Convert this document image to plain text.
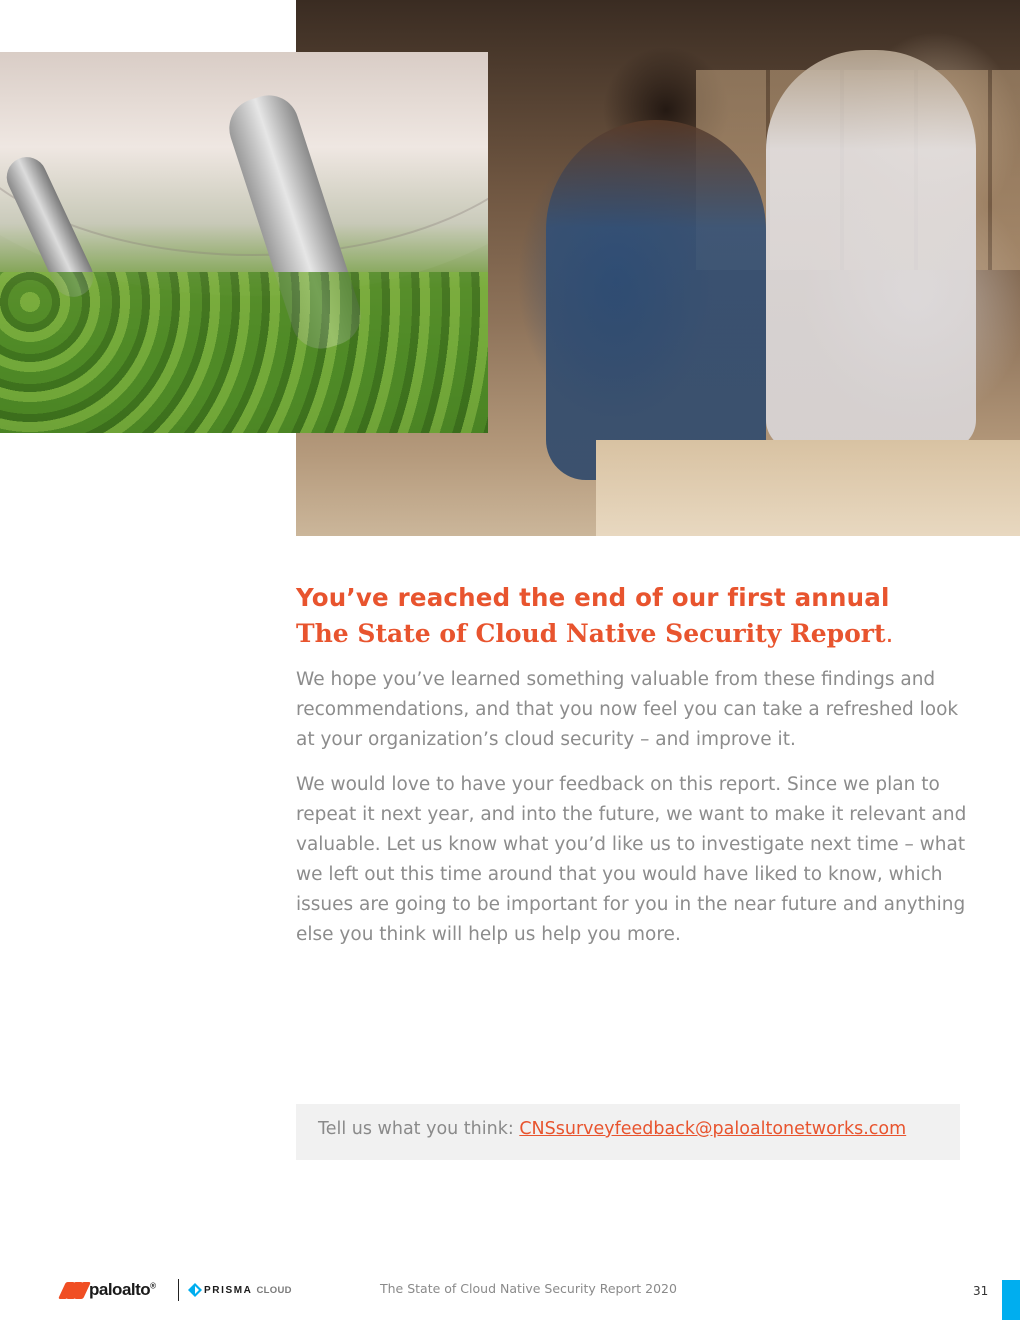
You’ve reached the end of our first annual
The State of Cloud Native Security Report.

We hope you’ve learned something valuable from these findings and recommendations, and that you now feel you can take a refreshed look at your organization’s cloud security – and improve it.

We would love to have your feedback on this report. Since we plan to repeat it next year, and into the future, we want to make it relevant and valuable. Let us know what you’d like us to investigate next time – what we left out this time around that you would have liked to know, which issues are going to be important for you in the near future and anything else you think will help us help you more.

Tell us what you think: CNSsurveyfeedback@paloaltonetworks.com
paloalto®	PRISMA CLOUD	The State of Cloud Native Security Report 2020	31
